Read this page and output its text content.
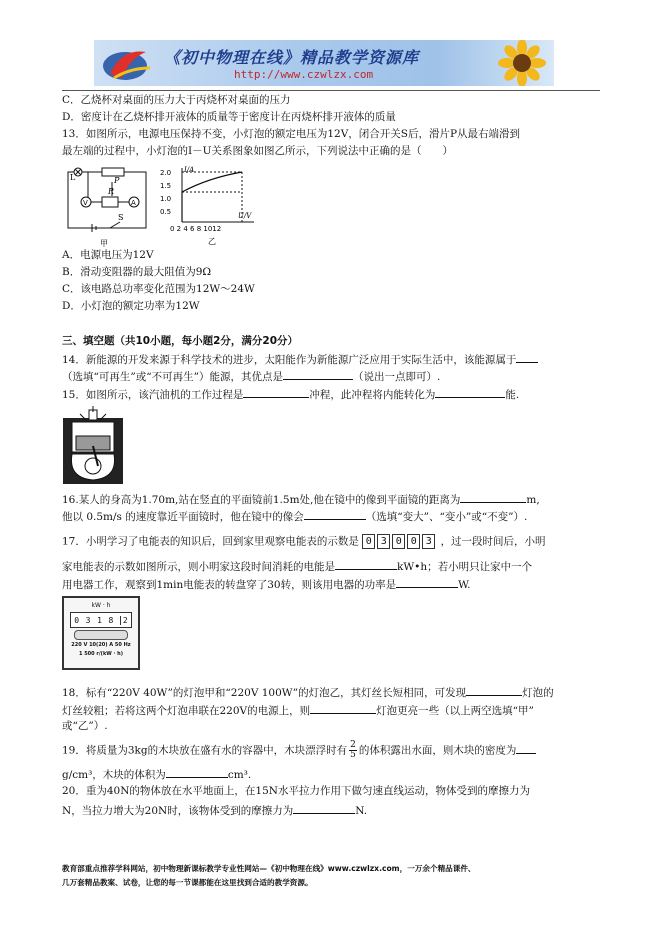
《初中物理在线》精品教学资源库
http://www.czwlzx.com
C．乙烧杯对桌面的压力大于丙烧杯对桌面的压力
D．密度计在乙烧杯排开液体的质量等于密度计在丙烧杯排开液体的质量
13．如图所示，电源电压保持不变，小灯泡的额定电压为12V，闭合开关S后，滑片P从最右端滑到
最左端的过程中，小灯泡的I－U关系图象如图乙所示，下列说法中正确的是（　　）
L	P
R
A
V
S
甲
I/A
U/V
2.0
1.5
1.0
0.5
0 2 4 6 8 1012
乙
A．电源电压为12V
B．滑动变阻器的最大阻值为9Ω
C．该电路总功率变化范围为12W～24W
D．小灯泡的额定功率为12W
三、填空题（共10小题，每小题2分，满分20分）
14．新能源的开发来源于科学技术的进步，太阳能作为新能源广泛应用于实际生活中，该能源属于
（选填“可再生”或“不可再生”）能源，其优点是	（说出一点即可）.
15．如图所示，该汽油机的工作过程是	冲程，此冲程将内能转化为	能.
16.某人的身高为1.70m,站在竖直的平面镜前1.5m处,他在镜中的像到平面镜的距离为	m,
他以 0.5m/s 的速度靠近平面镜时，他在镜中的像会	（选填“变大”、“变小”或“不变”）.
17．小明学习了电能表的知识后，回到家里观察电能表的示数是 0 3 0 0 3 ，过一段时间后，小明
家电能表的示数如图所示，则小明家这段时间消耗的电能是	kW•h；若小明只让家中一个
用电器工作，观察到1min电能表的转盘穿了30转，则该用电器的功率是	W.
kW · h
0 3 1 8	2
220 V 10(20) A 50 Hz
1 500 r/(kW · h)
18．标有“220V 40W”的灯泡甲和“220V 100W”的灯泡乙，其灯丝长短相同，可发现	灯泡的
灯丝较粗；若将这两个灯泡串联在220V的电源上，则	灯泡更亮一些（以上两空选填“甲”
或“乙”）.
19．将质量为3kg的木块放在盛有水的容器中，木块漂浮时有 $\frac{2}{5}$ 的体积露出水面，则木块的密度为
g/cm³，木块的体积为	cm³.
20．重为40N的物体放在水平地面上，在15N水平拉力作用下做匀速直线运动，物体受到的摩擦力为
N，当拉力增大为20N时，该物体受到的摩擦力为	N.
教育部重点推荐学科网站，初中物理新课标教学专业性网站—《初中物理在线》www.czwlzx.com，一万余个精品课件、
几万套精品教案、试卷，让您的每一节课都能在这里找到合适的教学资源。
